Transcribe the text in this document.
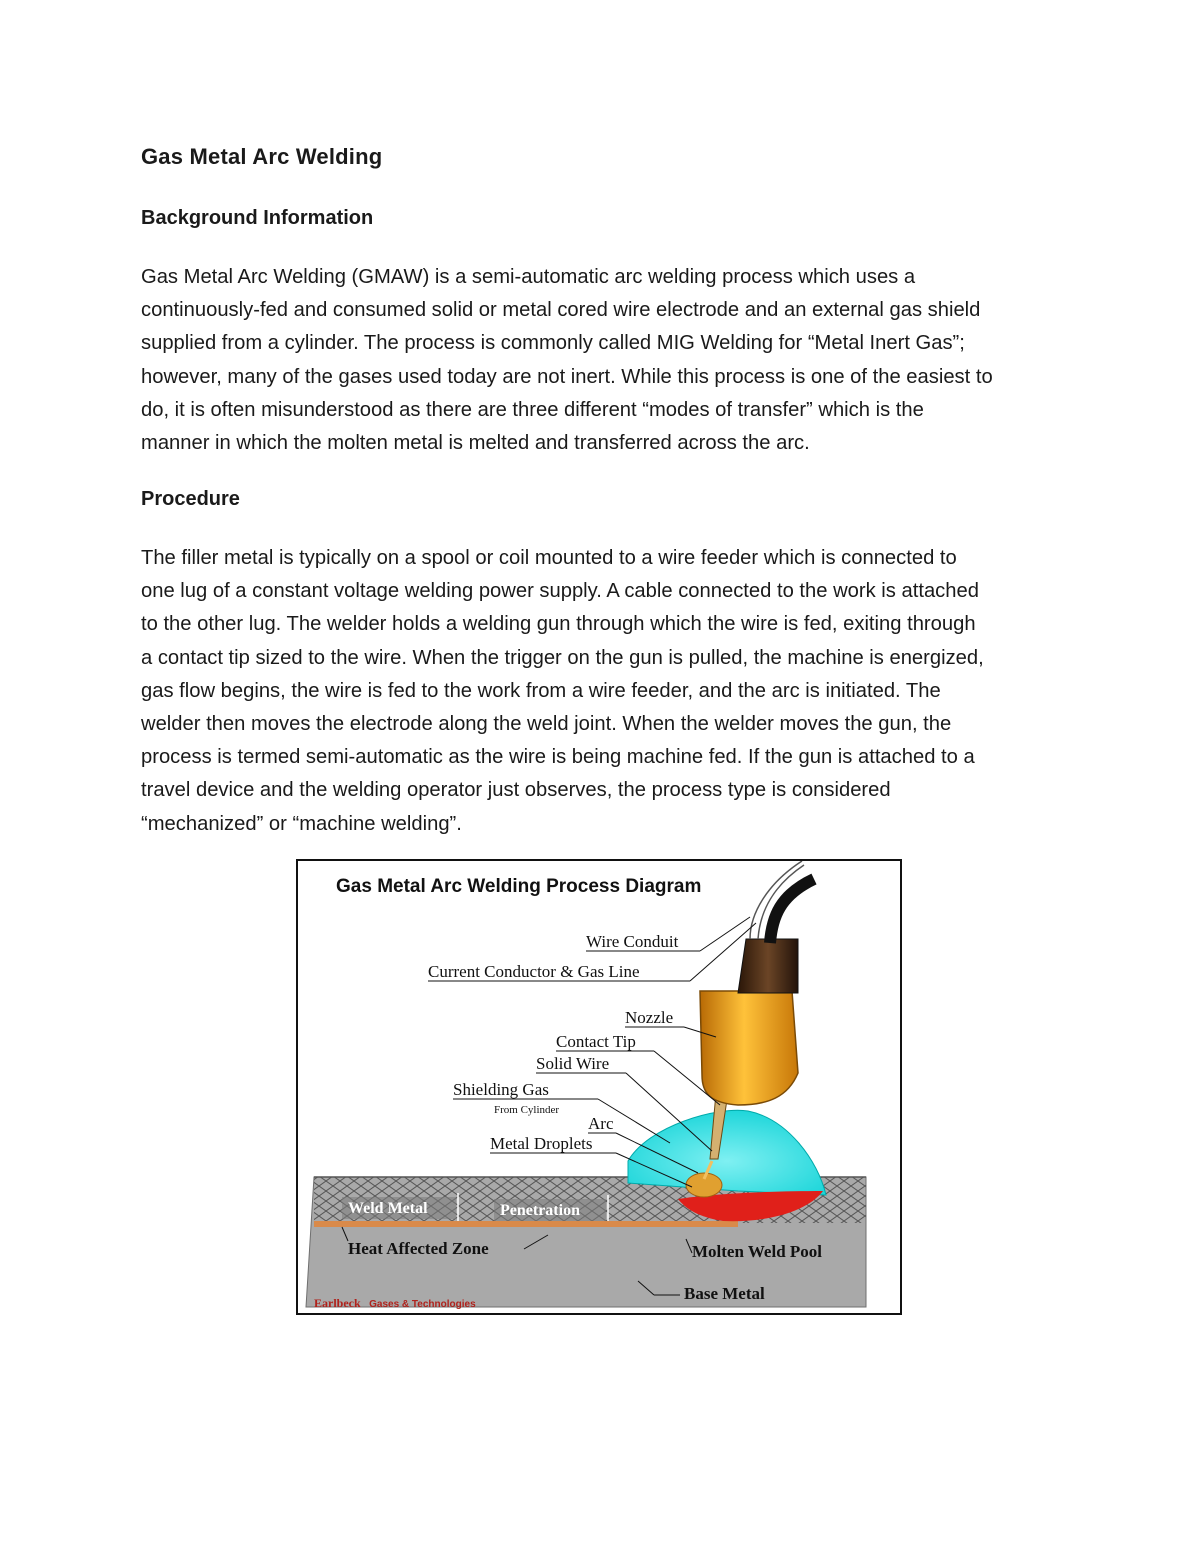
Gas Metal Arc Welding
Background Information

Gas Metal Arc Welding (GMAW) is a semi-automatic arc welding process which uses a
continuously-fed and consumed solid or metal cored wire electrode and an external gas shield
supplied from a cylinder. The process is commonly called MIG Welding for “Metal Inert Gas”;
however, many of the gases used today are not inert. While this process is one of the easiest to
do, it is often misunderstood as there are three different “modes of transfer” which is the
manner in which the molten metal is melted and transferred across the arc.

Procedure

The filler metal is typically on a spool or coil mounted to a wire feeder which is connected to
one lug of a constant voltage welding power supply. A cable connected to the work is attached
to the other lug. The welder holds a welding gun through which the wire is fed, exiting through
a contact tip sized to the wire. When the trigger on the gun is pulled, the machine is energized,
gas flow begins, the wire is fed to the work from a wire feeder, and the arc is initiated. The
welder then moves the electrode along the weld joint. When the welder moves the gun, the
process is termed semi-automatic as the wire is being machine fed. If the gun is attached to a
travel device and the welding operator just observes, the process type is considered
“mechanized” or “machine welding”.

Gas Metal Arc Welding Process Diagram
Wire Conduit
Current Conductor & Gas Line
Nozzle
Contact Tip
Solid Wire
Shielding Gas
From Cylinder
Arc
Metal Droplets
Weld Metal	Penetration
Heat Affected Zone	Molten Weld Pool
Base Metal
Earlbeck Gases & Technologies
